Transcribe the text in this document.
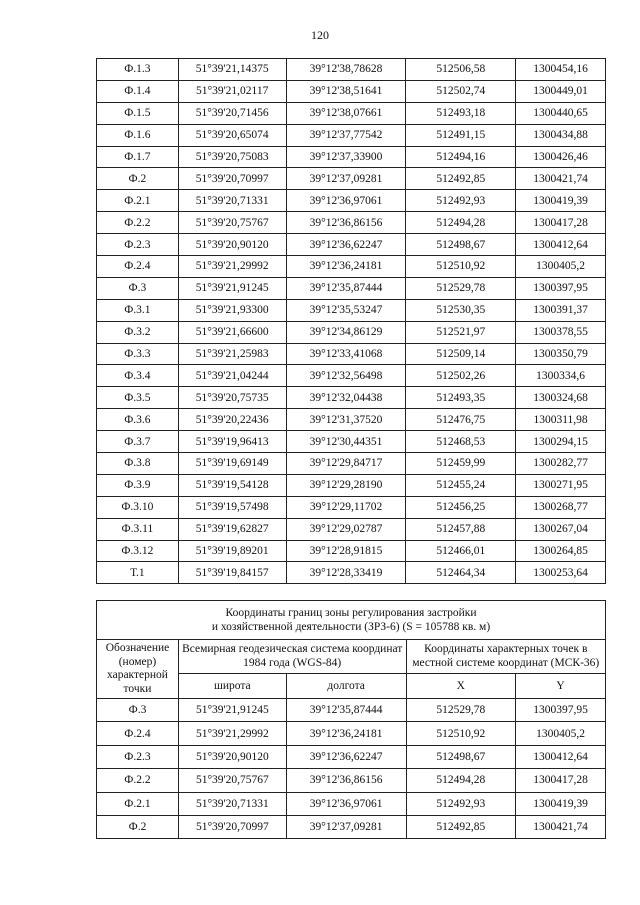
120
Ф.1.3	51°39'21,14375	39°12'38,78628	512506,58	1300454,16
Ф.1.4	51°39'21,02117	39°12'38,51641	512502,74	1300449,01
Ф.1.5	51°39'20,71456	39°12'38,07661	512493,18	1300440,65
Ф.1.6	51°39'20,65074	39°12'37,77542	512491,15	1300434,88
Ф.1.7	51°39'20,75083	39°12'37,33900	512494,16	1300426,46
Ф.2	51°39'20,70997	39°12'37,09281	512492,85	1300421,74
Ф.2.1	51°39'20,71331	39°12'36,97061	512492,93	1300419,39
Ф.2.2	51°39'20,75767	39°12'36,86156	512494,28	1300417,28
Ф.2.3	51°39'20,90120	39°12'36,62247	512498,67	1300412,64
Ф.2.4	51°39'21,29992	39°12'36,24181	512510,92	1300405,2
Ф.3	51°39'21,91245	39°12'35,87444	512529,78	1300397,95
Ф.3.1	51°39'21,93300	39°12'35,53247	512530,35	1300391,37
Ф.3.2	51°39'21,66600	39°12'34,86129	512521,97	1300378,55
Ф.3.3	51°39'21,25983	39°12'33,41068	512509,14	1300350,79
Ф.3.4	51°39'21,04244	39°12'32,56498	512502,26	1300334,6
Ф.3.5	51°39'20,75735	39°12'32,04438	512493,35	1300324,68
Ф.3.6	51°39'20,22436	39°12'31,37520	512476,75	1300311,98
Ф.3.7	51°39'19,96413	39°12'30,44351	512468,53	1300294,15
Ф.3.8	51°39'19,69149	39°12'29,84717	512459,99	1300282,77
Ф.3.9	51°39'19,54128	39°12'29,28190	512455,24	1300271,95
Ф.3.10	51°39'19,57498	39°12'29,11702	512456,25	1300268,77
Ф.3.11	51°39'19,62827	39°12'29,02787	512457,88	1300267,04
Ф.3.12	51°39'19,89201	39°12'28,91815	512466,01	1300264,85
Т.1	51°39'19,84157	39°12'28,33419	512464,34	1300253,64
Координаты границ зоны регулирования застройки
и хозяйственной деятельности (ЗРЗ-6) (S = 105788 кв. м)				
Обозначение (номер) характерной точки	Всемирная геодезическая система координат 1984 года (WGS-84)		Координаты характерных точек в местной системе координат (МСК-36)	
	широта	долгота	X	Y
Ф.3	51°39'21,91245	39°12'35,87444	512529,78	1300397,95
Ф.2.4	51°39'21,29992	39°12'36,24181	512510,92	1300405,2
Ф.2.3	51°39'20,90120	39°12'36,62247	512498,67	1300412,64
Ф.2.2	51°39'20,75767	39°12'36,86156	512494,28	1300417,28
Ф.2.1	51°39'20,71331	39°12'36,97061	512492,93	1300419,39
Ф.2	51°39'20,70997	39°12'37,09281	512492,85	1300421,74
